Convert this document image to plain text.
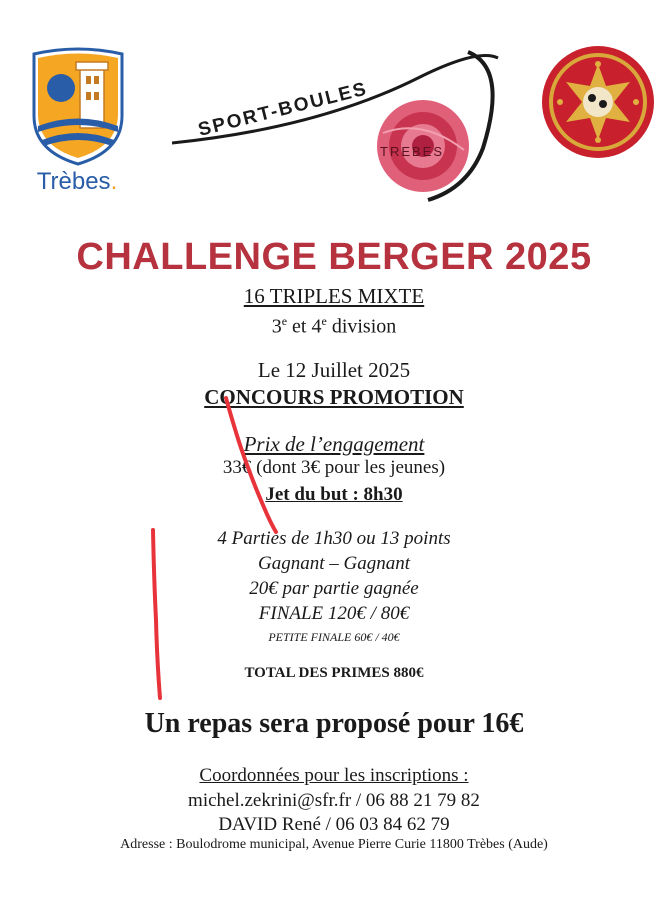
Trèbes.
SPORT-BOULES
TREBES
CHALLENGE BERGER 2025
16 TRIPLES MIXTE
3e et 4e division
Le 12 Juillet 2025
CONCOURS PROMOTION
Prix de l’engagement
33€ (dont 3€ pour les jeunes)
Jet du but : 8h30
4 Parties de 1h30 ou 13 points
Gagnant – Gagnant
20€ par partie gagnée
FINALE 120€ / 80€
PETITE FINALE 60€ / 40€
TOTAL DES PRIMES 880€
Un repas sera proposé pour 16€
Coordonnées pour les inscriptions :
michel.zekrini@sfr.fr / 06 88 21 79 82
DAVID René / 06 03 84 62 79
Adresse : Boulodrome municipal, Avenue Pierre Curie 11800 Trèbes (Aude)
